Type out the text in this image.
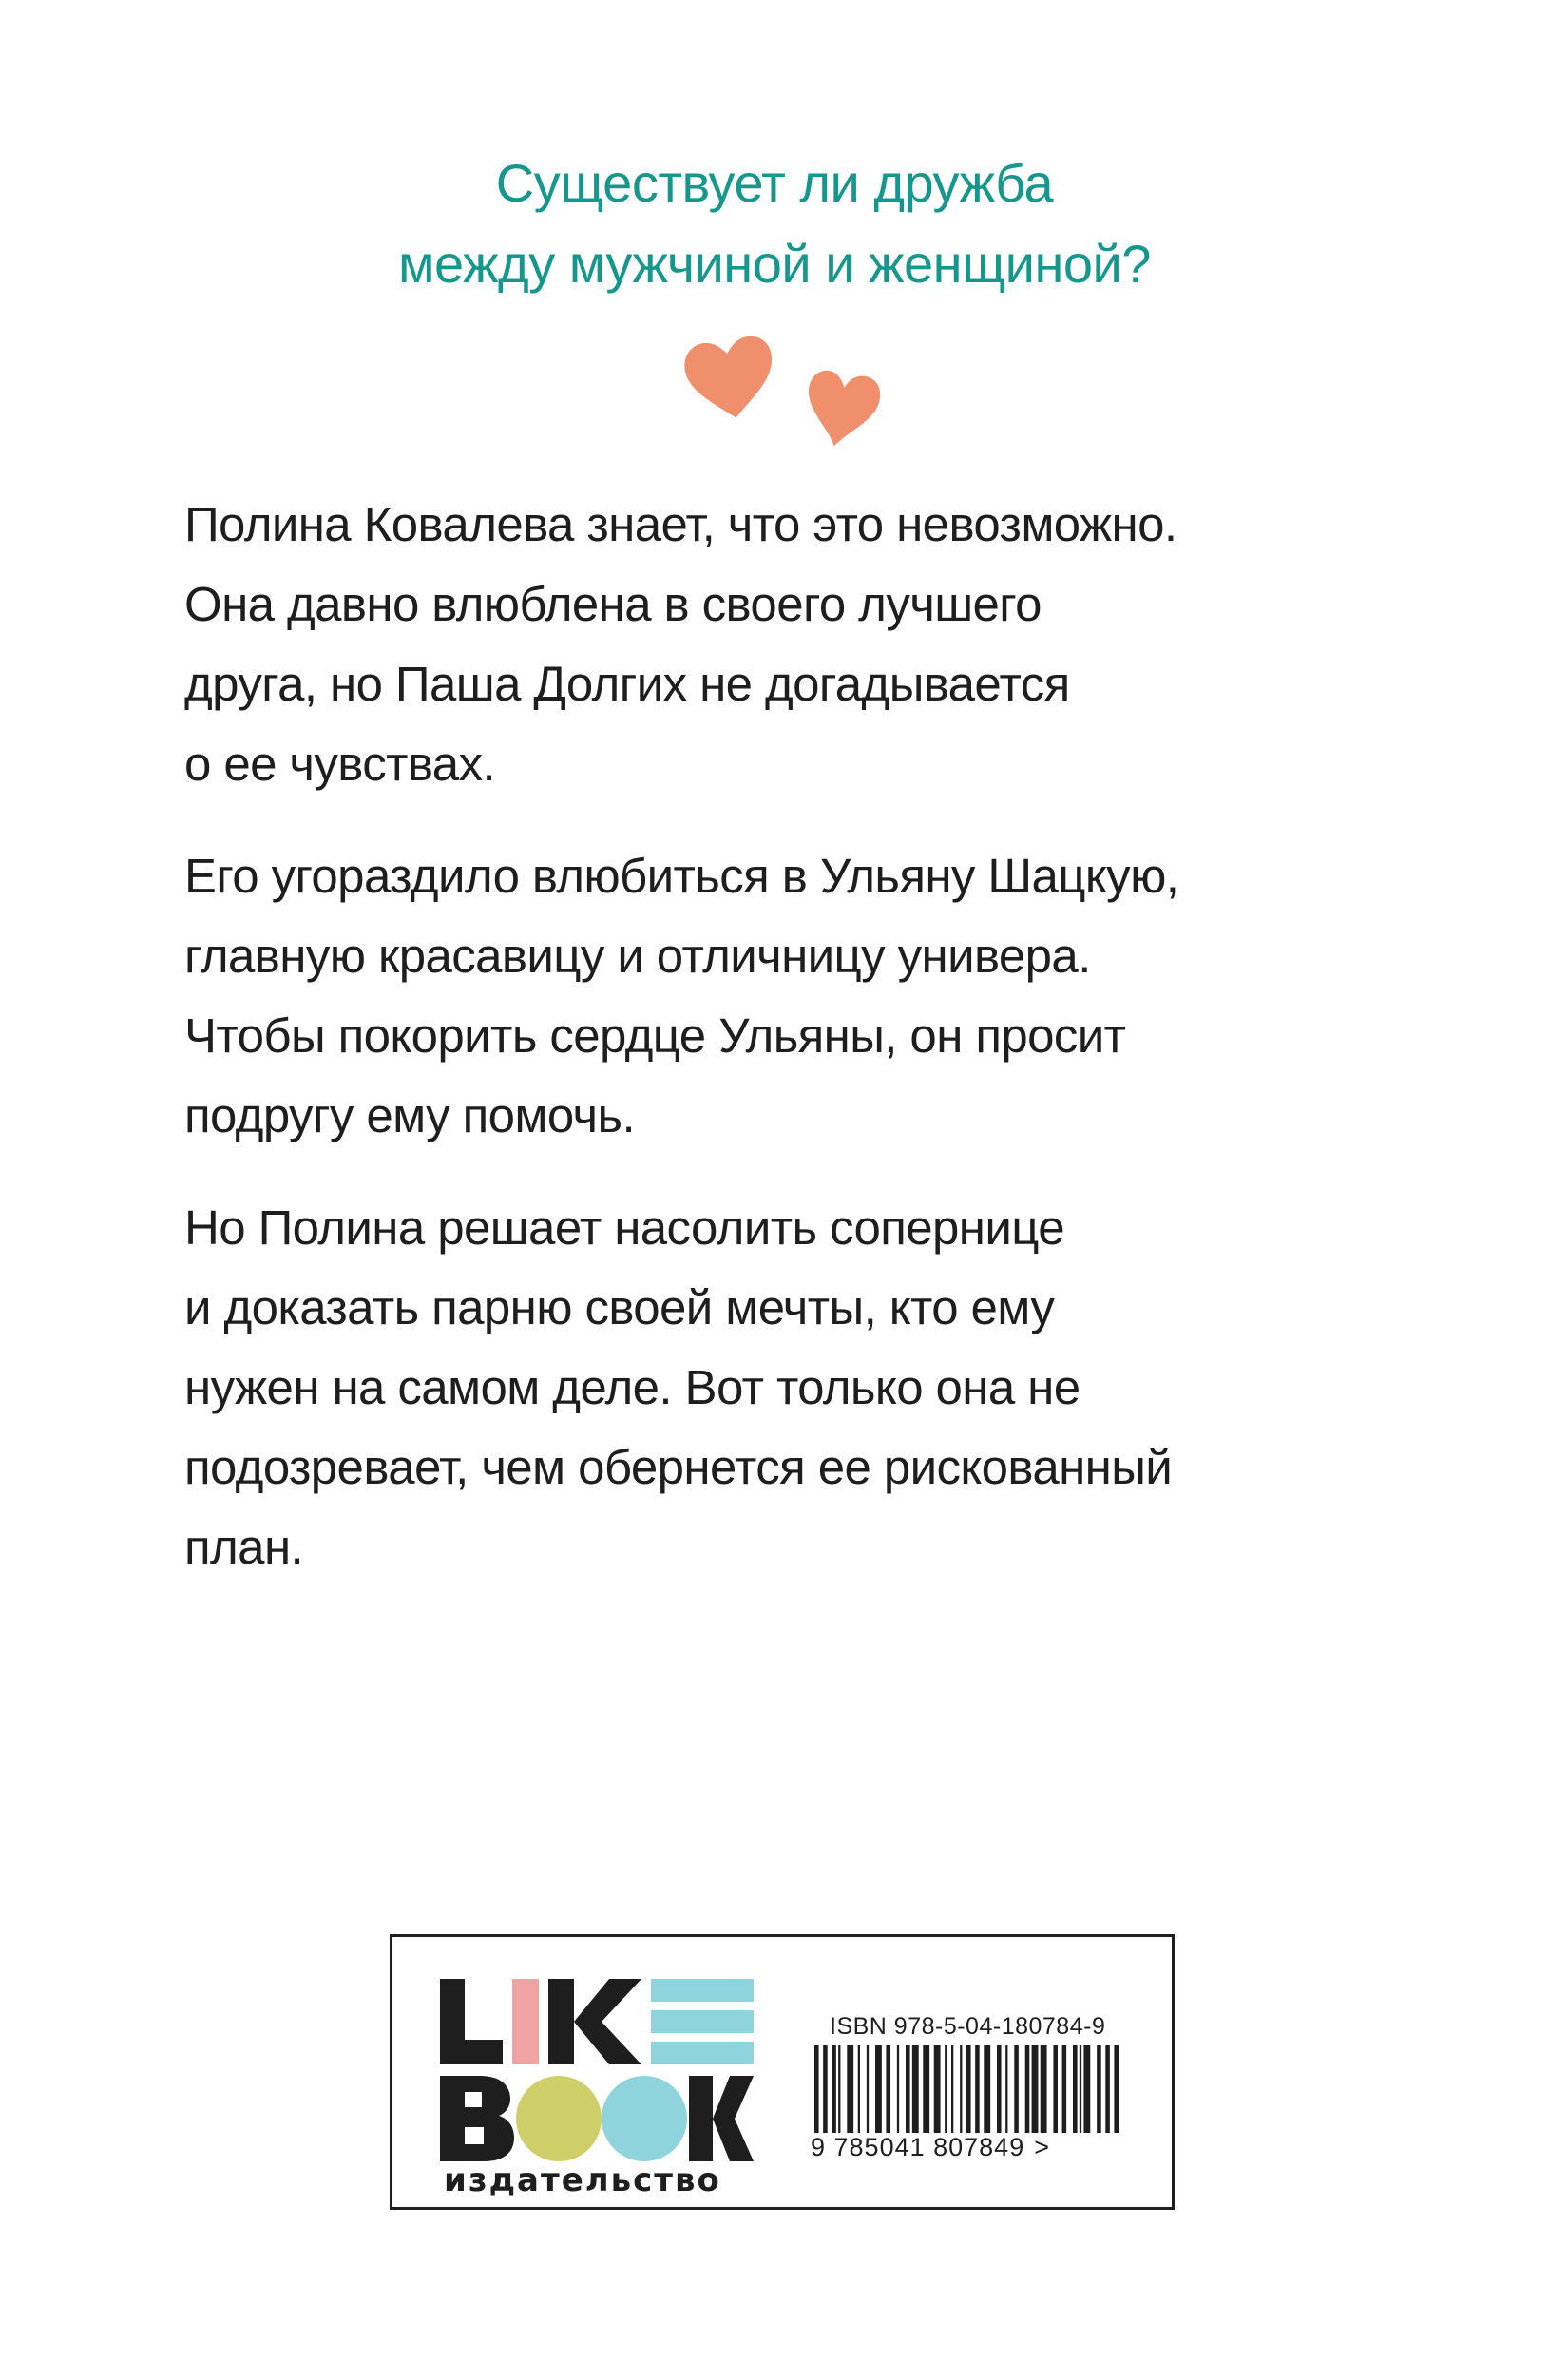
Существует ли дружба
между мужчиной и женщиной?
Полина Ковалева знает, что это невозможно.
Она давно влюблена в своего лучшего
друга, но Паша Долгих не догадывается
о ее чувствах.
Его угораздило влюбиться в Ульяну Шацкую,
главную красавицу и отличницу универа.
Чтобы покорить сердце Ульяны, он просит
подругу ему помочь.
Но Полина решает насолить сопернице
и доказать парню своей мечты, кто ему
нужен на самом деле. Вот только она не
подозревает, чем обернется ее рискованный
план.
издательство
ISBN 978-5-04-180784-9
9 785041 807849 >
